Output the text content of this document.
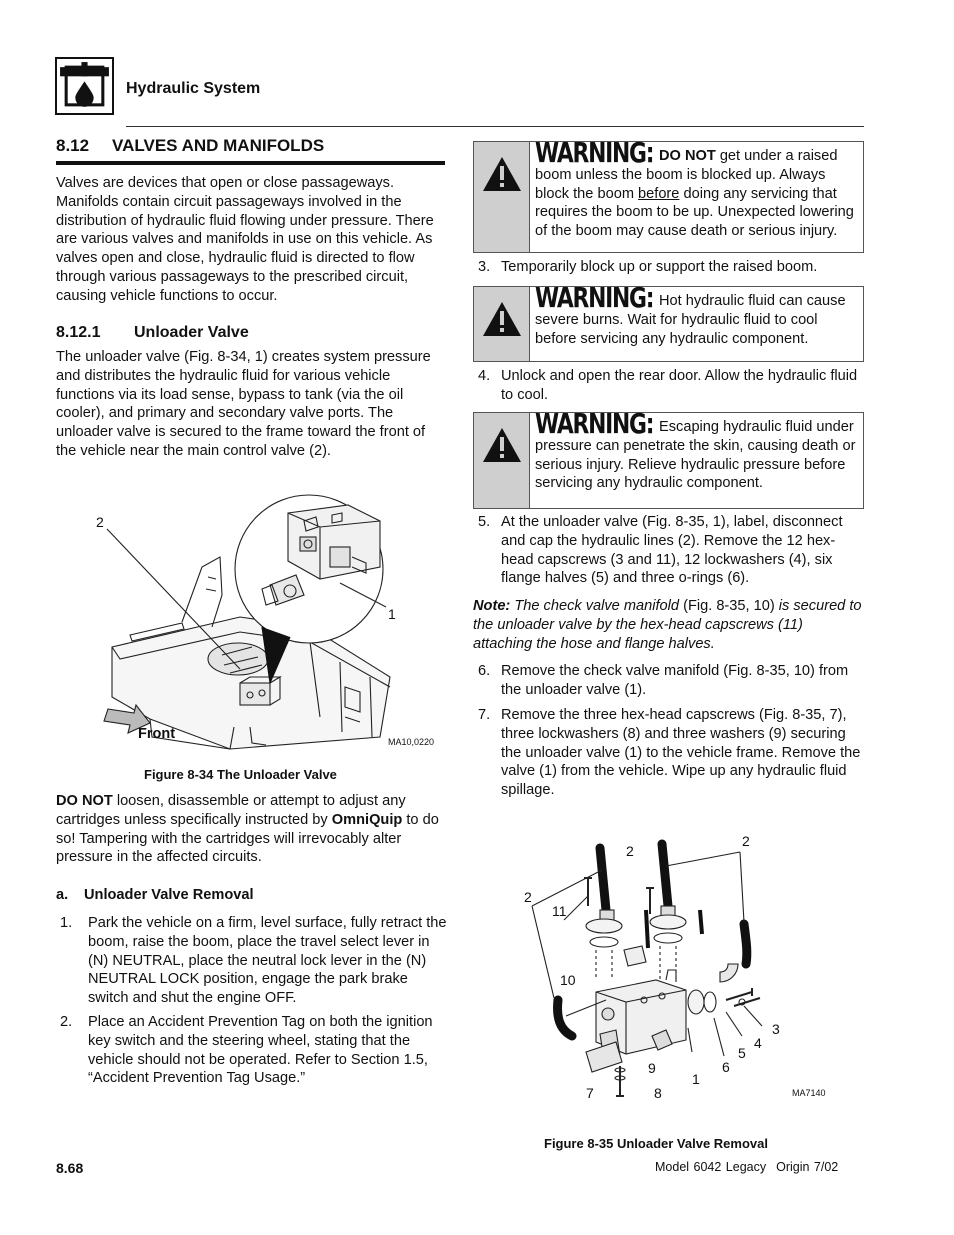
Hydraulic System
8.12 VALVES AND MANIFOLDS
Valves are devices that open or close passageways. Manifolds contain circuit passageways involved in the distribution of hydraulic fluid flowing under pressure. There are various valves and manifolds in use on this vehicle. As valves open and close, hydraulic fluid is directed to flow through various passageways to the prescribed circuit, causing vehicle functions to occur.
8.12.1 Unloader Valve
The unloader valve (Fig. 8-34, 1) creates system pressure and distributes the hydraulic fluid for various vehicle functions via its load sense, bypass to tank (via the oil cooler), and primary and secondary valve ports. The unloader valve is secured to the frame toward the front of the vehicle near the main control valve (2).
2
1
Front	MA10,0220
Figure 8-34 The Unloader Valve
DO NOT loosen, disassemble or attempt to adjust any cartridges unless specifically instructed by OmniQuip to do so! Tampering with the cartridges will irrevocably alter pressure in the affected circuits.
a. Unloader Valve Removal
1. Park the vehicle on a firm, level surface, fully retract the boom, raise the boom, place the travel select lever in (N) NEUTRAL, place the neutral lock lever in the (N) NEUTRAL LOCK position, engage the park brake switch and shut the engine OFF.
2. Place an Accident Prevention Tag on both the ignition key switch and the steering wheel, stating that the vehicle should not be operated. Refer to Section 1.5, “Accident Prevention Tag Usage.”
WARNING: DO NOT get under a raised boom unless the boom is blocked up. Always block the boom before doing any servicing that requires the boom to be up. Unexpected lowering of the boom may cause death or serious injury.
3. Temporarily block up or support the raised boom.
WARNING: Hot hydraulic fluid can cause severe burns. Wait for hydraulic fluid to cool before servicing any hydraulic component.
4. Unlock and open the rear door. Allow the hydraulic fluid to cool.
WARNING: Escaping hydraulic fluid under pressure can penetrate the skin, causing death or serious injury. Relieve hydraulic pressure before servicing any hydraulic component.
5. At the unloader valve (Fig. 8-35, 1), label, disconnect and cap the hydraulic lines (2). Remove the 12 hex-head capscrews (3 and 11), 12 lockwashers (4), six flange halves (5) and three o-rings (6).
Note: The check valve manifold (Fig. 8-35, 10) is secured to the unloader valve by the hex-head capscrews (11) attaching the hose and flange halves.
6. Remove the check valve manifold (Fig. 8-35, 10) from the unloader valve (1).
7. Remove the three hex-head capscrews (Fig. 8-35, 7), three lockwashers (8) and three washers (9) securing the unloader valve (1) to the vehicle frame. Remove the valve (1) from the vehicle. Wipe up any hydraulic fluid spillage.
2
2
2
11
10
3
4
5
6
1
9
8
7	MA7140
Figure 8-35 Unloader Valve Removal
8.68	Model 6042 Legacy Origin 7/02
